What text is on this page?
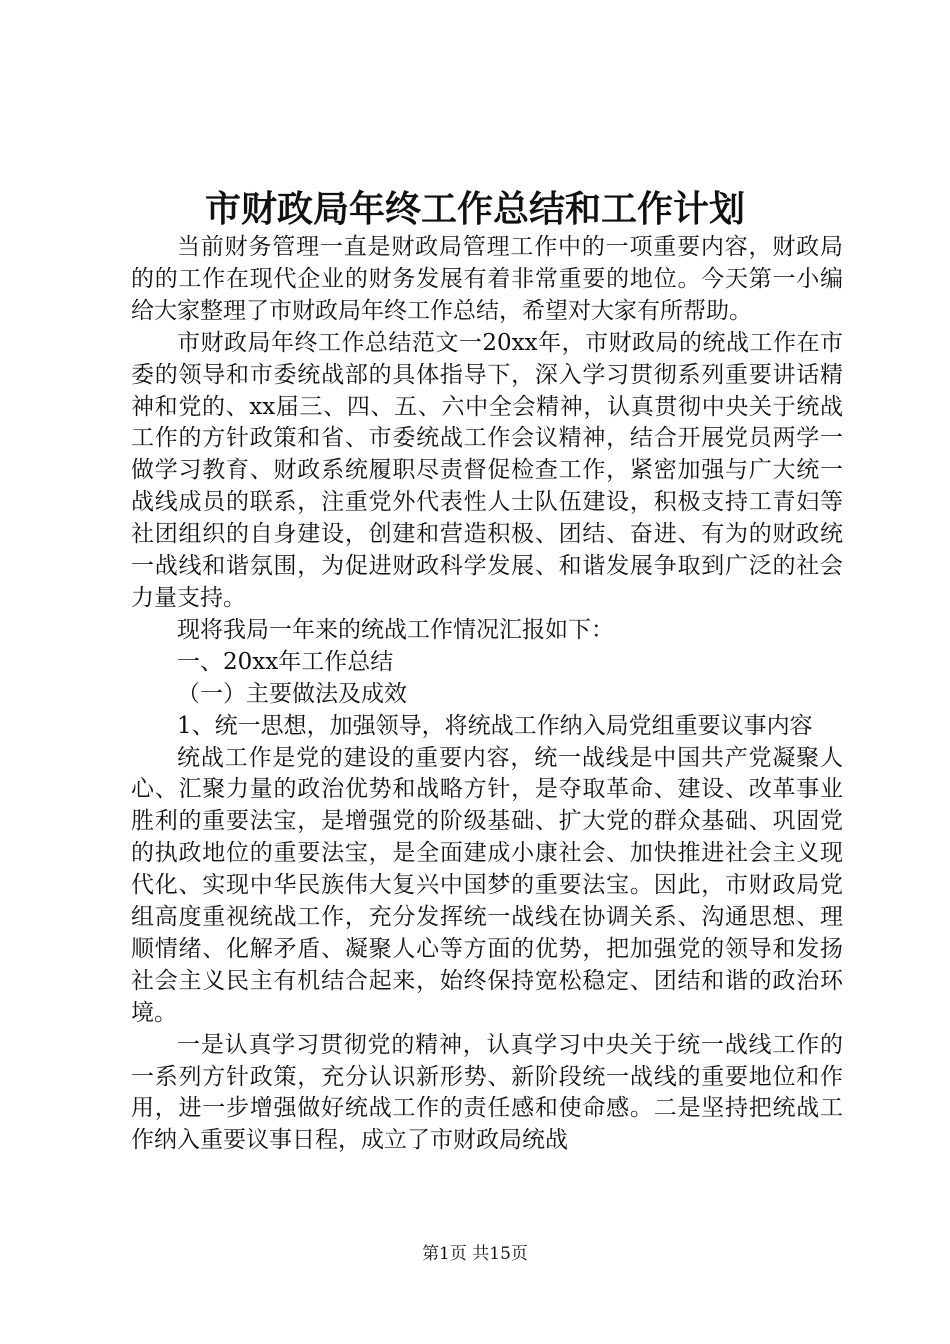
市财政局年终工作总结和工作计划

当前财务管理一直是财政局管理工作中的一项重要内容，财政局的的工作在现代企业的财务发展有着非常重要的地位。今天第一小编给大家整理了市财政局年终工作总结，希望对大家有所帮助。

市财政局年终工作总结范文一20xx年，市财政局的统战工作在市委的领导和市委统战部的具体指导下，深入学习贯彻系列重要讲话精神和党的、xx届三、四、五、六中全会精神，认真贯彻中央关于统战工作的方针政策和省、市委统战工作会议精神，结合开展党员两学一做学习教育、财政系统履职尽责督促检查工作，紧密加强与广大统一战线成员的联系，注重党外代表性人士队伍建设，积极支持工青妇等社团组织的自身建设，创建和营造积极、团结、奋进、有为的财政统一战线和谐氛围，为促进财政科学发展、和谐发展争取到广泛的社会力量支持。

现将我局一年来的统战工作情况汇报如下：

一、20xx年工作总结

（一）主要做法及成效

1、统一思想，加强领导，将统战工作纳入局党组重要议事内容

统战工作是党的建设的重要内容，统一战线是中国共产党凝聚人心、汇聚力量的政治优势和战略方针，是夺取革命、建设、改革事业胜利的重要法宝，是增强党的阶级基础、扩大党的群众基础、巩固党的执政地位的重要法宝，是全面建成小康社会、加快推进社会主义现代化、实现中华民族伟大复兴中国梦的重要法宝。因此，市财政局党组高度重视统战工作，充分发挥统一战线在协调关系、沟通思想、理顺情绪、化解矛盾、凝聚人心等方面的优势，把加强党的领导和发扬社会主义民主有机结合起来，始终保持宽松稳定、团结和谐的政治环境。

一是认真学习贯彻党的精神，认真学习中央关于统一战线工作的一系列方针政策，充分认识新形势、新阶段统一战线的重要地位和作用，进一步增强做好统战工作的责任感和使命感。二是坚持把统战工作纳入重要议事日程，成立了市财政局统战

第1页 共15页
